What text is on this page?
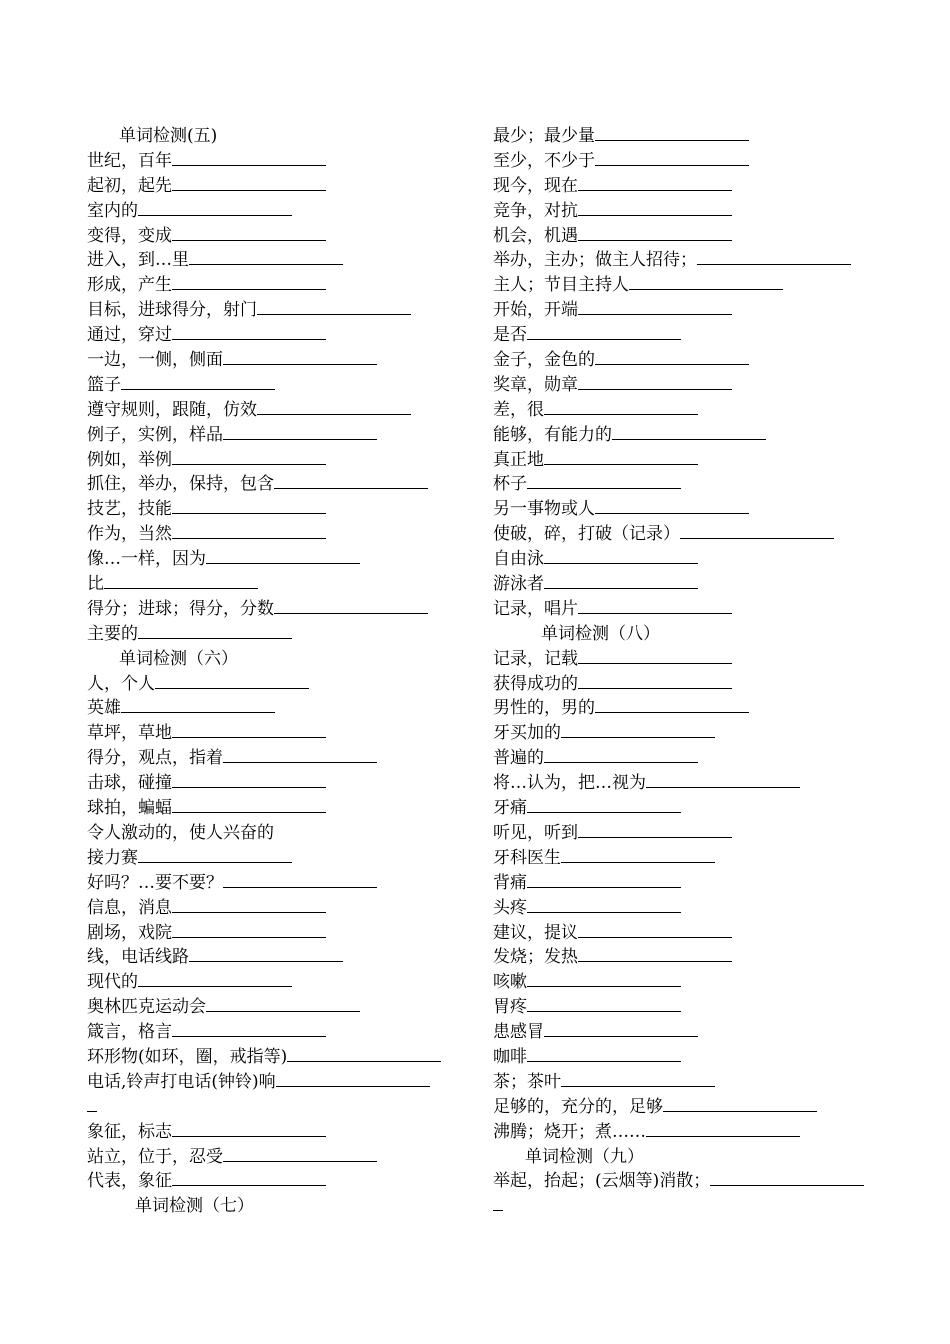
单词检测(五)
世纪，百年
起初，起先
室内的
变得，变成
进入，到…里
形成，产生
目标，进球得分，射门
通过，穿过
一边，一侧，侧面
篮子
遵守规则，跟随，仿效
例子，实例，样品
例如，举例
抓住，举办，保持，包含
技艺，技能
作为，当然
像…一样，因为
比
得分；进球；得分，分数
主要的
单词检测（六）
人，个人
英雄
草坪，草地
得分，观点，指着
击球，碰撞
球拍，蝙蝠
令人激动的，使人兴奋的
接力赛
好吗？…要不要？
信息，消息
剧场，戏院
线，电话线路
现代的
奥林匹克运动会
箴言，格言
环形物(如环，圈，戒指等)
电话,铃声打电话(钟铃)响

象征，标志
站立，位于，忍受
代表，象征
单词检测（七）
最少；最少量
至少，不少于
现今，现在
竞争，对抗
机会，机遇
举办，主办；做主人招待；
主人；节目主持人
开始，开端
是否
金子，金色的
奖章，勋章
差，很
能够，有能力的
真正地
杯子
另一事物或人
使破，碎，打破（记录）
自由泳
游泳者
记录，唱片
单词检测（八）
记录，记载
获得成功的
男性的，男的
牙买加的
普遍的
将…认为，把…视为
牙痛
听见，听到
牙科医生
背痛
头疼
建议，提议
发烧；发热
咳嗽
胃疼
患感冒
咖啡
茶；茶叶
足够的，充分的，足够
沸腾；烧开；煮……
单词检测（九）
举起，抬起；(云烟等)消散；
